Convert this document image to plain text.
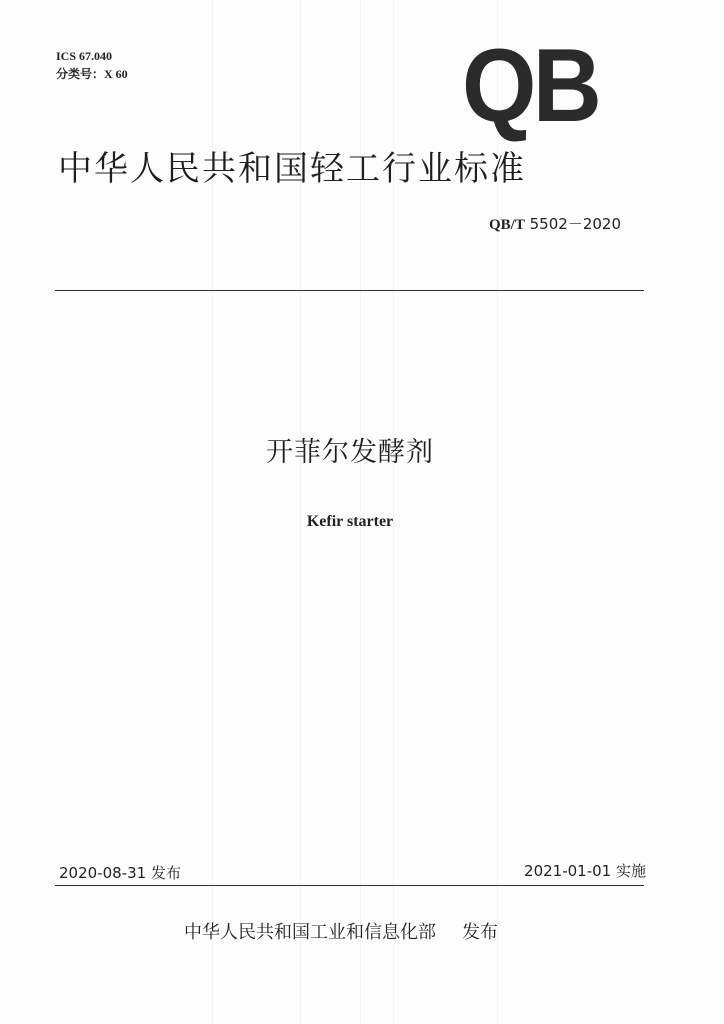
ICS 67.040
分类号：X 60	QB
中华人民共和国轻工行业标准
QB/T 5502－2020
开菲尔发酵剂
Kefir starter
2020-08-31 发布	2021-01-01 实施
中华人民共和国工业和信息化部 发布
